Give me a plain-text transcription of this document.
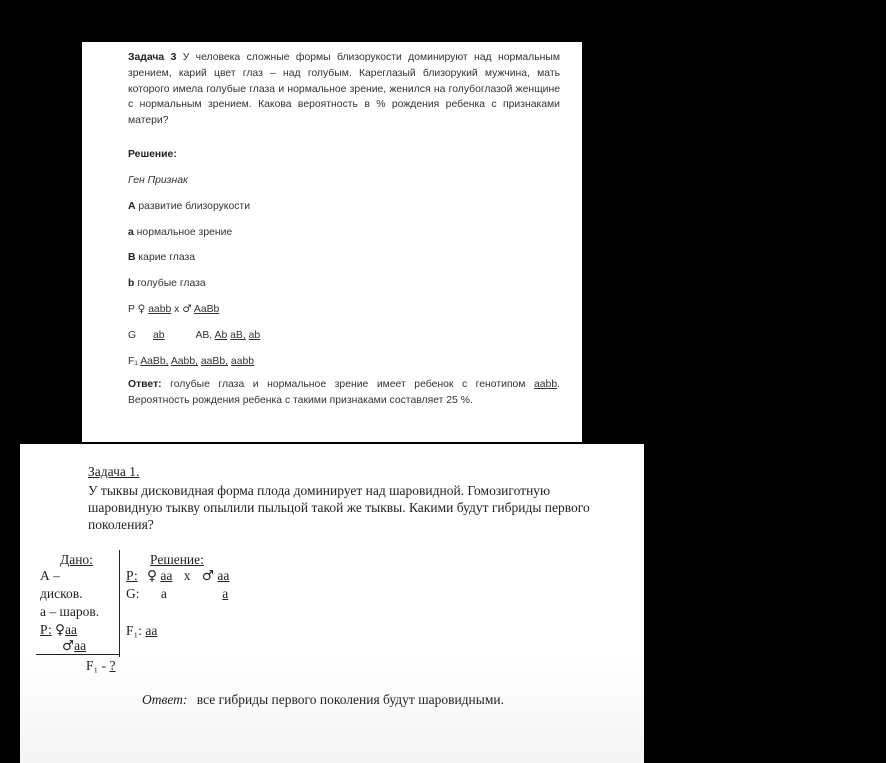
Задача 3 У человека сложные формы близорукости доминируют над нормальным зрением, карий цвет глаз – над голубым. Кареглазый близорукий мужчина, мать которого имела голубые глаза и нормальное зрение, женился на голубоглазой женщине с нормальным зрением. Какова вероятность в % рождения ребенка с признаками матери?

Решение:

Ген Признак

А развитие близорукости

а нормальное зрение

В карие глаза

b голубые глаза

P ♀ aabb x ♂ AaBb

G ab	AB, Ab aB, ab

F₁ AaBb, Aabb, aaBb, aabb

Ответ: голубые глаза и нормальное зрение имеет ребенок с генотипом aabb. Вероятность рождения ребенка с такими признаками составляет 25 %.

Задача 1.
У тыквы дисковидная форма плода доминирует над шаровидной. Гомозиготную шаровидную тыкву опылили пыльцой такой же тыквы. Какими будут гибриды первого поколения?
Дано:
А –
дисков.
а – шаров.
Р: ♀аа
♂аа
F₁ - ?
Решение:
Р: ♀ аа х ♂ аа
G: а	а
F₁: аа
Ответ: все гибриды первого поколения будут шаровидными.
